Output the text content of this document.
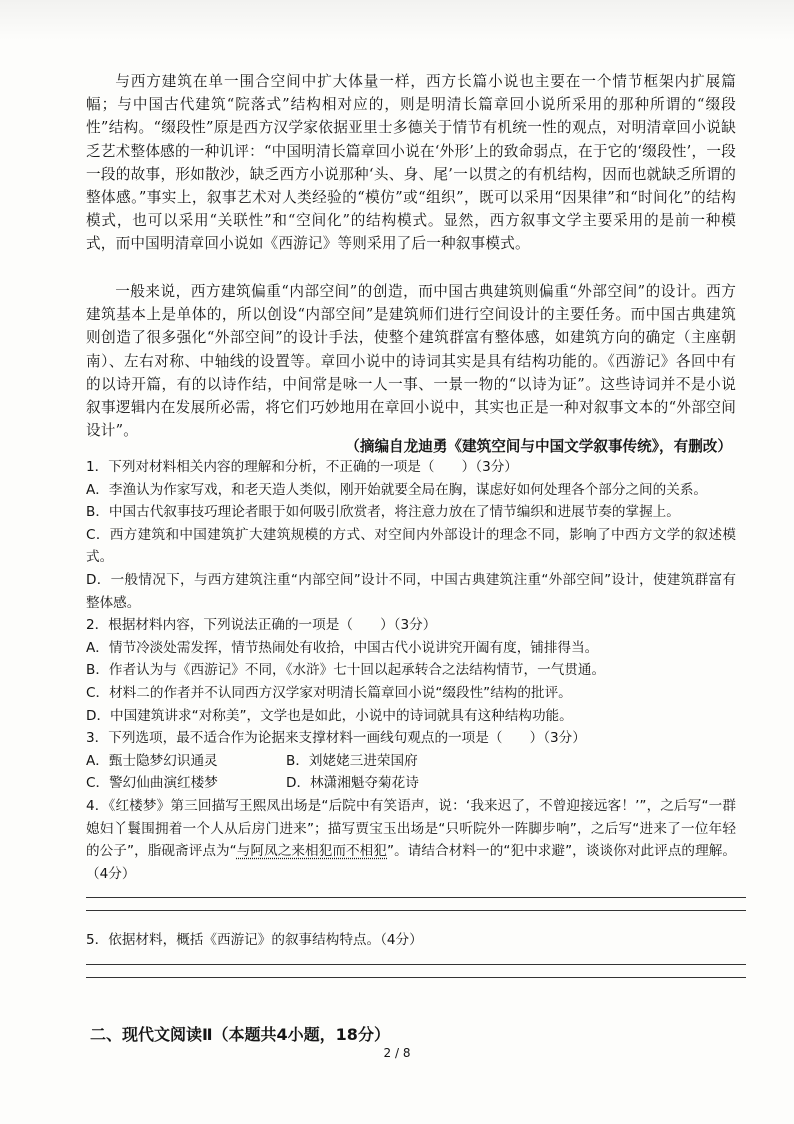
与西方建筑在单一围合空间中扩大体量一样，西方长篇小说也主要在一个情节框架内扩展篇幅；与中国古代建筑“院落式”结构相对应的，则是明清长篇章回小说所采用的那种所谓的“缀段性”结构。“缀段性”原是西方汉学家依据亚里士多德关于情节有机统一性的观点，对明清章回小说缺乏艺术整体感的一种讥评：“中国明清长篇章回小说在‘外形’上的致命弱点，在于它的‘缀段性’，一段一段的故事，形如散沙，缺乏西方小说那种‘头、身、尾’一以贯之的有机结构，因而也就缺乏所谓的整体感。”事实上，叙事艺术对人类经验的“模仿”或“组织”，既可以采用“因果律”和“时间化”的结构模式，也可以采用“关联性”和“空间化”的结构模式。显然，西方叙事文学主要采用的是前一种模式，而中国明清章回小说如《西游记》等则采用了后一种叙事模式。

一般来说，西方建筑偏重“内部空间”的创造，而中国古典建筑则偏重“外部空间”的设计。西方建筑基本上是单体的，所以创设“内部空间”是建筑师们进行空间设计的主要任务。而中国古典建筑则创造了很多强化“外部空间”的设计手法，使整个建筑群富有整体感，如建筑方向的确定（主座朝南）、左右对称、中轴线的设置等。章回小说中的诗词其实是具有结构功能的。《西游记》各回中有的以诗开篇，有的以诗作结，中间常是咏一人一事、一景一物的“以诗为证”。这些诗词并不是小说叙事逻辑内在发展所必需，将它们巧妙地用在章回小说中，其实也正是一种对叙事文本的“外部空间设计”。

（摘编自龙迪勇《建筑空间与中国文学叙事传统》，有删改）

1．下列对材料相关内容的理解和分析，不正确的一项是（　　）（3分）

A．李渔认为作家写戏，和老天造人类似，刚开始就要全局在胸，谋虑好如何处理各个部分之间的关系。

B．中国古代叙事技巧理论者眼于如何吸引欣赏者，将注意力放在了情节编织和进展节奏的掌握上。

C．西方建筑和中国建筑扩大建筑规模的方式、对空间内外部设计的理念不同，影响了中西方文学的叙述模式。

D．一般情况下，与西方建筑注重“内部空间”设计不同，中国古典建筑注重“外部空间”设计，使建筑群富有整体感。

2．根据材料内容，下列说法正确的一项是（　　）（3分）

A．情节冷淡处需发挥，情节热闹处有收拾，中国古代小说讲究开阖有度，铺排得当。

B．作者认为与《西游记》不同，《水浒》七十回以起承转合之法结构情节，一气贯通。

C．材料二的作者并不认同西方汉学家对明清长篇章回小说“缀段性”结构的批评。

D．中国建筑讲求“对称美”，文学也是如此，小说中的诗词就具有这种结构功能。

3．下列选项，最不适合作为论据来支撑材料一画线句观点的一项是（　　）（3分）

A．甄士隐梦幻识通灵	B．刘姥姥三进荣国府
C．警幻仙曲演红楼梦	D．林潇湘魁夺菊花诗

4．《红楼梦》第三回描写王熙凤出场是“后院中有笑语声，说：‘我来迟了，不曾迎接远客！’”，之后写“一群媳妇丫鬟围拥着一个人从后房门进来”；描写贾宝玉出场是“只听院外一阵脚步响”，之后写“进来了一位年轻的公子”，脂砚斋评点为“与阿凤之来相犯而不相犯”。请结合材料一的“犯中求避”，谈谈你对此评点的理解。（4分）

5．依据材料，概括《西游记》的叙事结构特点。（4分）

二、现代文阅读Ⅱ（本题共4小题，18分）
2 / 8
